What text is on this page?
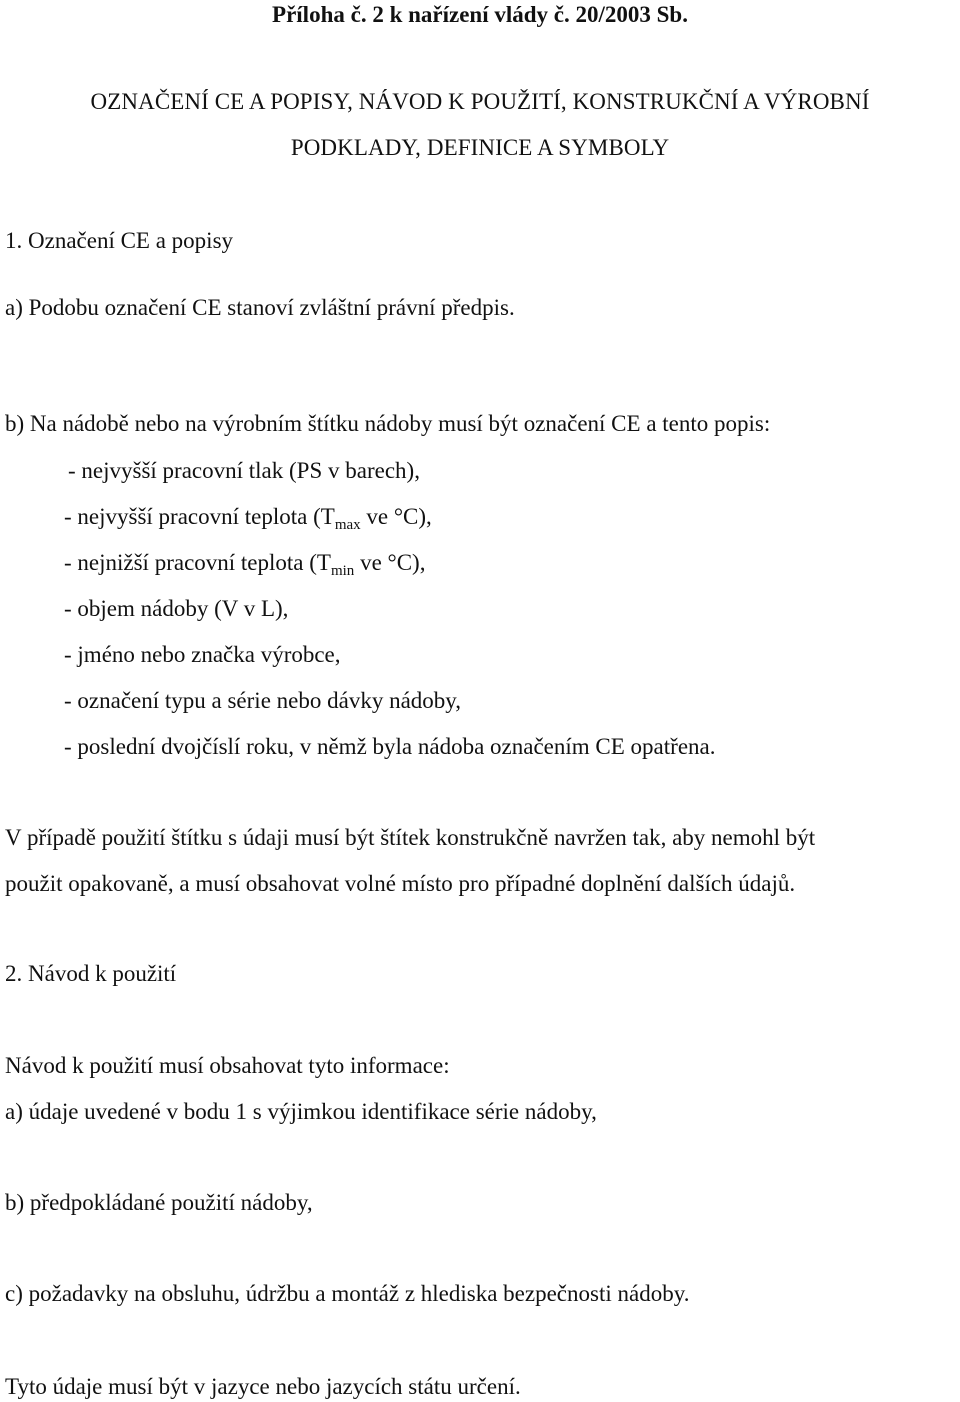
Příloha č. 2 k nařízení vlády č. 20/2003 Sb.
OZNAČENÍ CE A POPISY, NÁVOD K POUŽITÍ, KONSTRUKČNÍ A VÝROBNÍ
PODKLADY, DEFINICE A SYMBOLY
1. Označení CE a popisy
a) Podobu označení CE stanoví zvláštní právní předpis.
b) Na nádobě nebo na výrobním štítku nádoby musí být označení CE a tento popis:
- nejvyšší pracovní tlak (PS v barech),
- nejvyšší pracovní teplota ($T_{max}$ ve °C),
- nejnižší pracovní teplota ($T_{min}$ ve °C),
- objem nádoby (V v L),
- jméno nebo značka výrobce,
- označení typu a série nebo dávky nádoby,
- poslední dvojčíslí roku, v němž byla nádoba označením CE opatřena.
V případě použití štítku s údaji musí být štítek konstrukčně navržen tak, aby nemohl být
použit opakovaně, a musí obsahovat volné místo pro případné doplnění dalších údajů.
2. Návod k použití
Návod k použití musí obsahovat tyto informace:
a) údaje uvedené v bodu 1 s výjimkou identifikace série nádoby,
b) předpokládané použití nádoby,
c) požadavky na obsluhu, údržbu a montáž z hlediska bezpečnosti nádoby.
Tyto údaje musí být v jazyce nebo jazycích státu určení.
